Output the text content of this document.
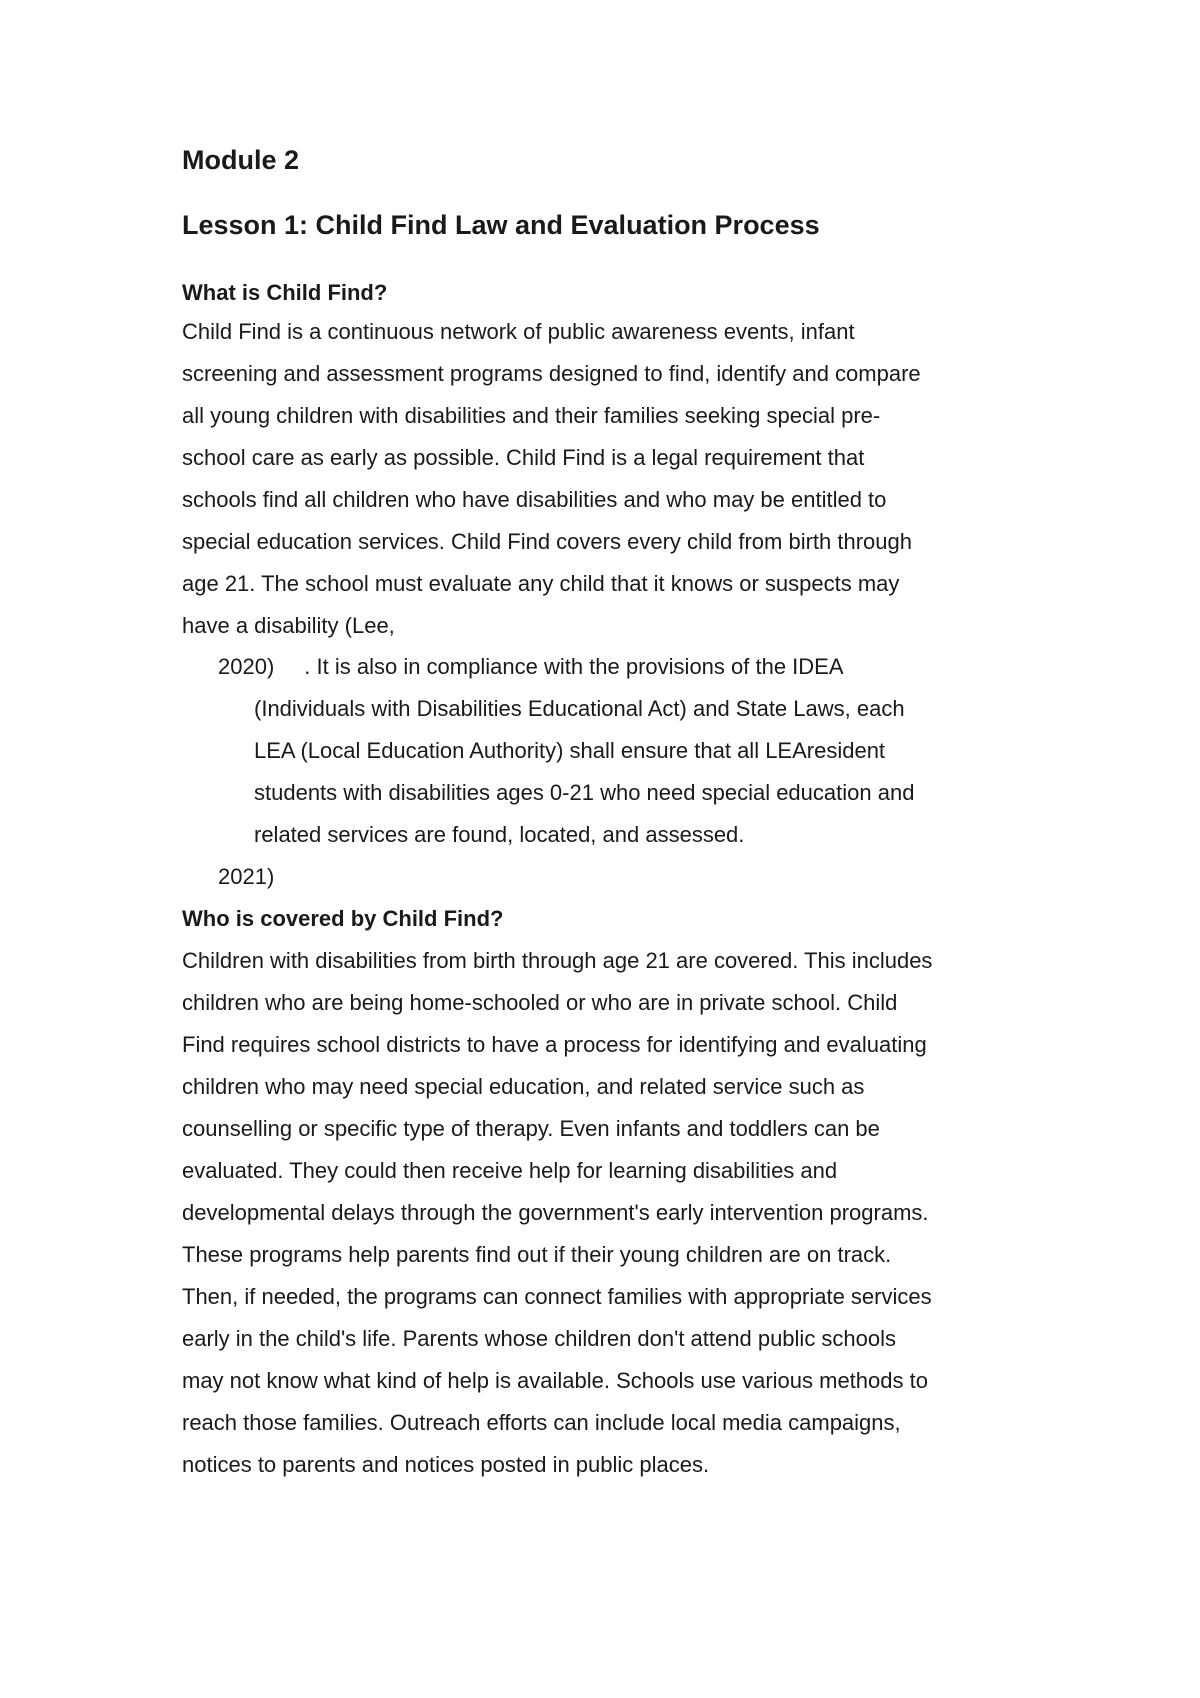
Module 2
Lesson 1: Child Find Law and Evaluation Process

What is Child Find?

Child Find is a continuous network of public awareness events, infant

screening and assessment programs designed to find, identify and compare

all young children with disabilities and their families seeking special pre-

school care as early as possible. Child Find is a legal requirement that

schools find all children who have disabilities and who may be entitled to

special education services. Child Find covers every child from birth through

age 21. The school must evaluate any child that it knows or suspects may

have a disability (Lee,

2020) . It is also in compliance with the provisions of the IDEA

(Individuals with Disabilities Educational Act) and State Laws, each

LEA (Local Education Authority) shall ensure that all LEAresident

students with disabilities ages 0-21 who need special education and

related services are found, located, and assessed.

2021)

Who is covered by Child Find?

Children with disabilities from birth through age 21 are covered. This includes

children who are being home-schooled or who are in private school. Child

Find requires school districts to have a process for identifying and evaluating

children who may need special education, and related service such as

counselling or specific type of therapy. Even infants and toddlers can be

evaluated. They could then receive help for learning disabilities and

developmental delays through the government's early intervention programs.

These programs help parents find out if their young children are on track.

Then, if needed, the programs can connect families with appropriate services

early in the child's life. Parents whose children don't attend public schools

may not know what kind of help is available. Schools use various methods to

reach those families. Outreach efforts can include local media campaigns,

notices to parents and notices posted in public places.
